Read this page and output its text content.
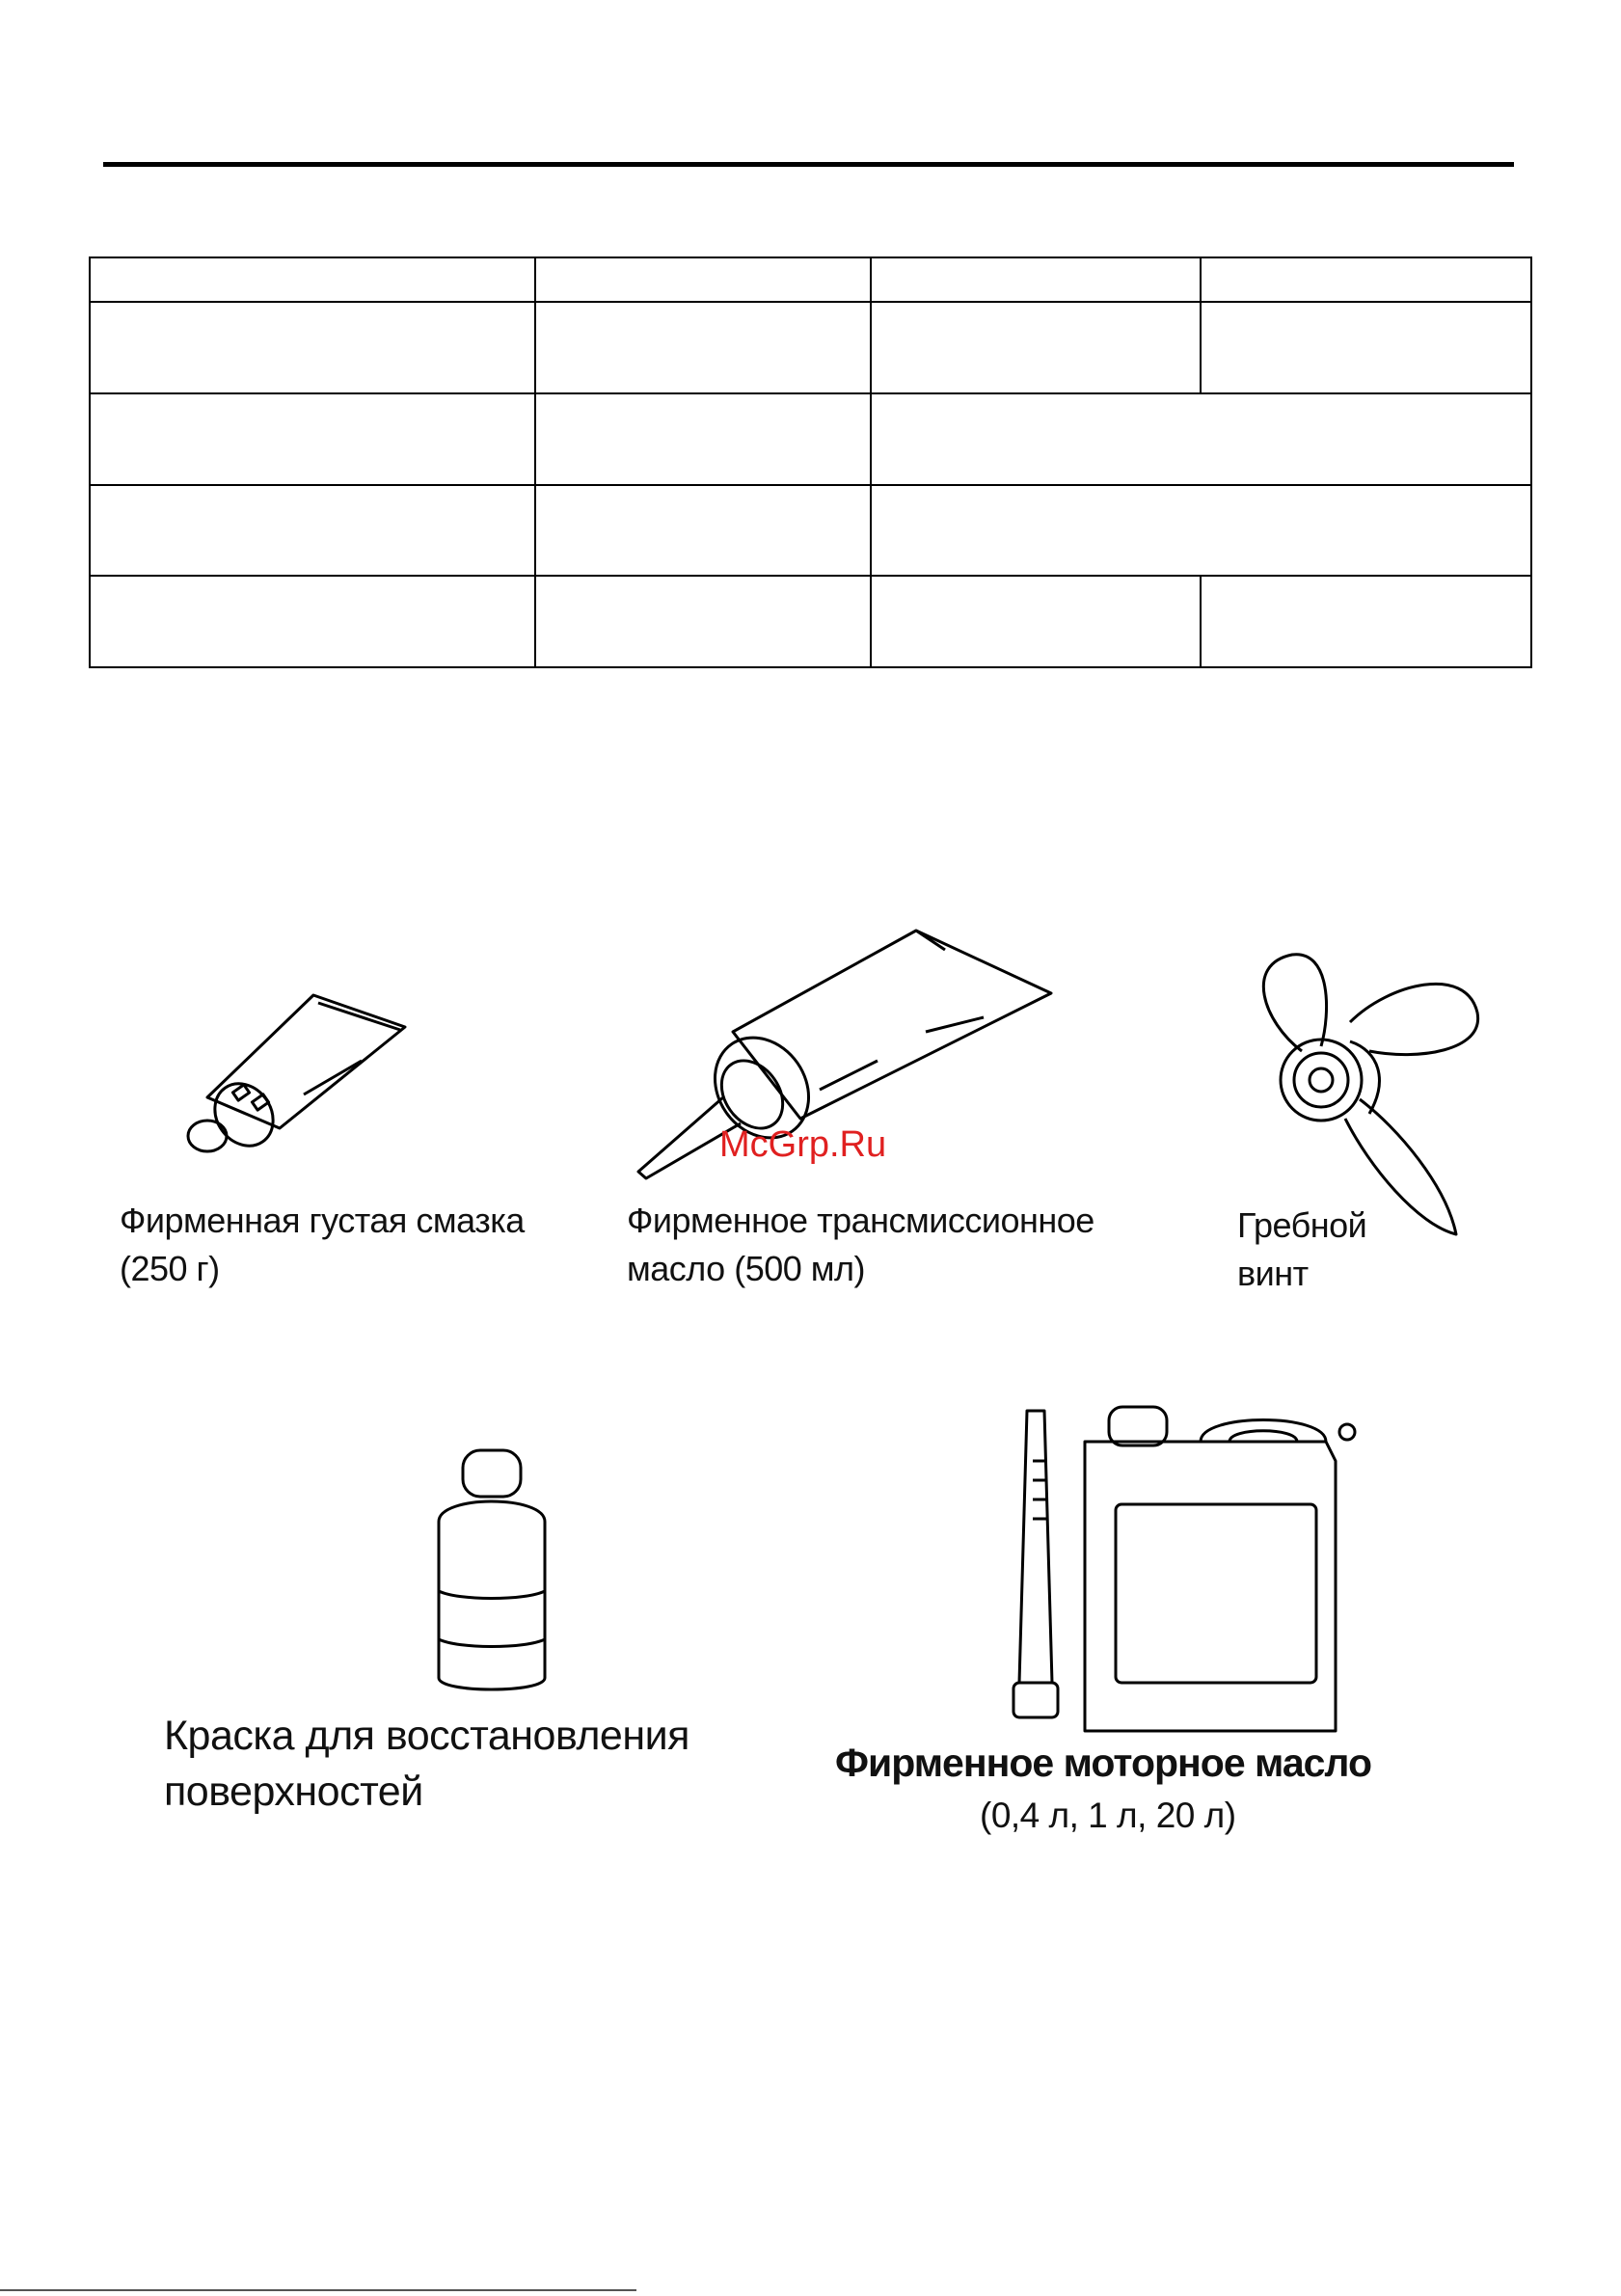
Фирменная густая смазка
(250 г)
Фирменное трансмиссионное
масло (500 мл)
Гребной
винт
Краска для восстановления
поверхностей
Фирменное моторное масло
(0,4 л, 1 л, 20 л)
McGrp.Ru
